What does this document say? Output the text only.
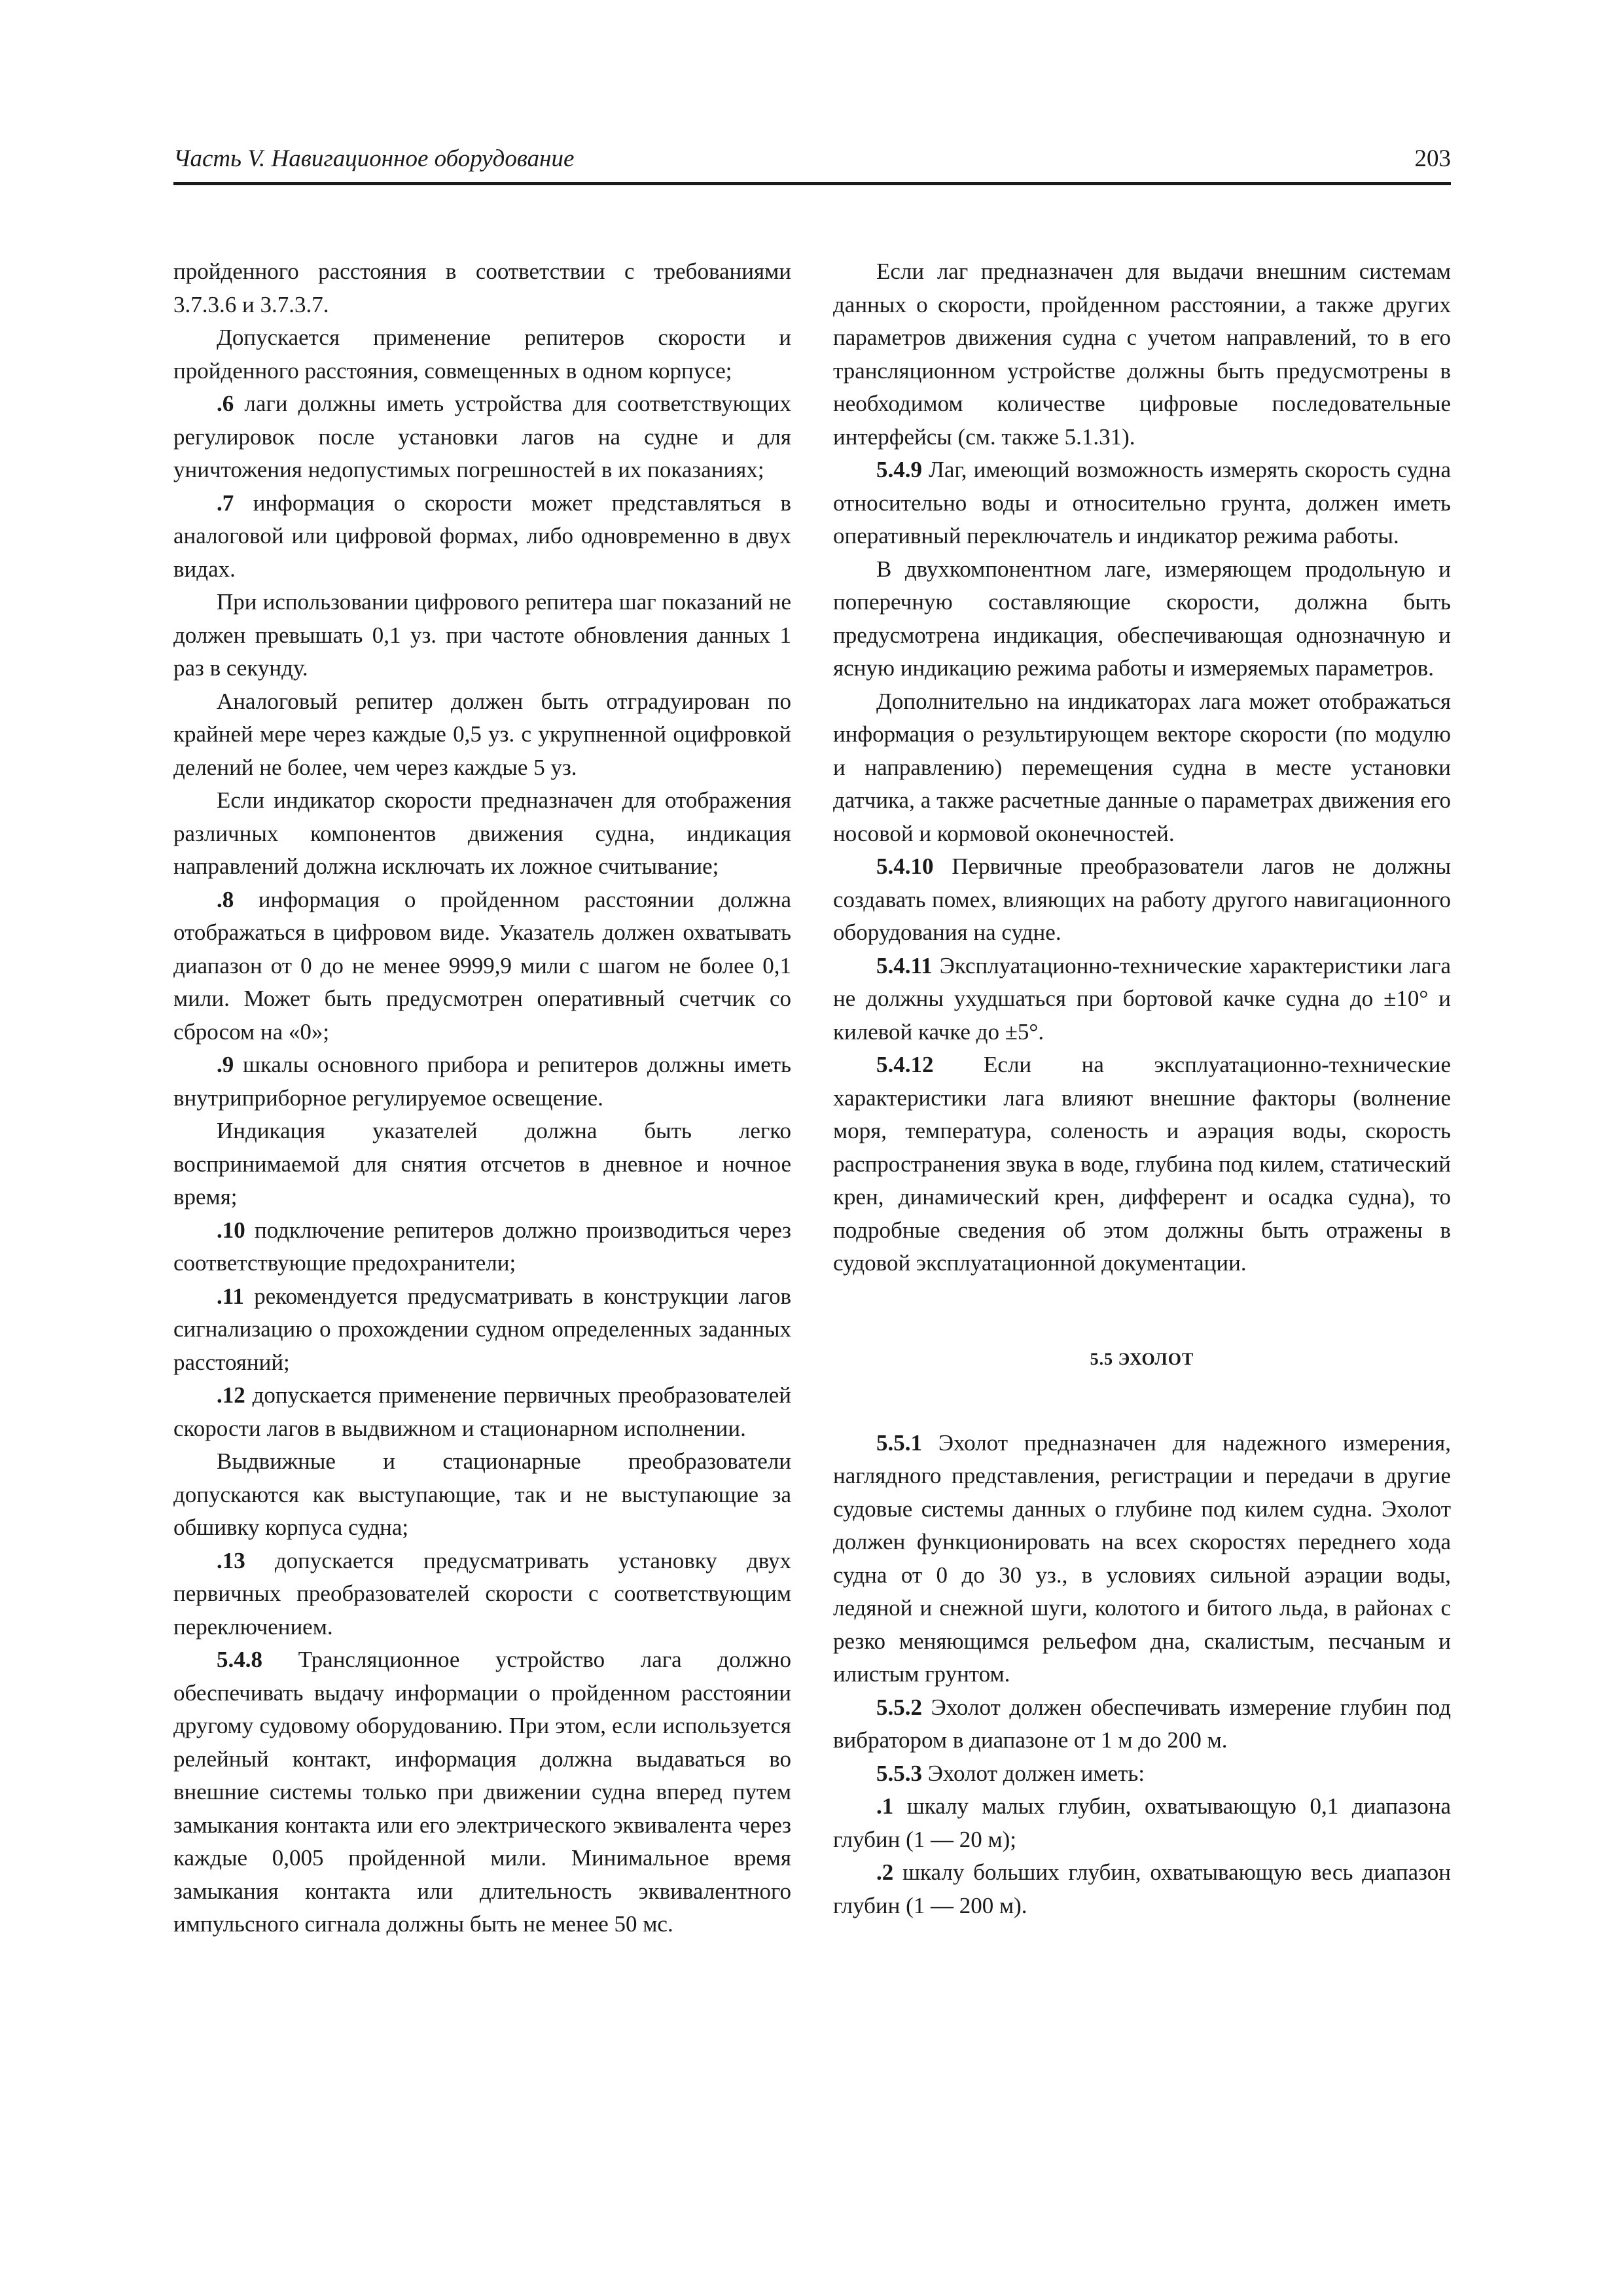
Часть V. Навигационное оборудование	203

пройденного расстояния в соответствии с требованиями 3.7.3.6 и 3.7.3.7.

Допускается применение репитеров скорости и пройденного расстояния, совмещенных в одном корпусе;

.6 лаги должны иметь устройства для соответствующих регулировок после установки лагов на судне и для уничтожения недопустимых погрешностей в их показаниях;

.7 информация о скорости может представляться в аналоговой или цифровой формах, либо одновременно в двух видах.

При использовании цифрового репитера шаг показаний не должен превышать 0,1 уз. при частоте обновления данных 1 раз в секунду.

Аналоговый репитер должен быть отградуирован по крайней мере через каждые 0,5 уз. с укрупненной оцифровкой делений не более, чем через каждые 5 уз.

Если индикатор скорости предназначен для отображения различных компонентов движения судна, индикация направлений должна исключать их ложное считывание;

.8 информация о пройденном расстоянии должна отображаться в цифровом виде. Указатель должен охватывать диапазон от 0 до не менее 9999,9 мили с шагом не более 0,1 мили. Может быть предусмотрен оперативный счетчик со сбросом на «0»;

.9 шкалы основного прибора и репитеров должны иметь внутриприборное регулируемое освещение.

Индикация указателей должна быть легко воспринимаемой для снятия отсчетов в дневное и ночное время;

.10 подключение репитеров должно производиться через соответствующие предохранители;

.11 рекомендуется предусматривать в конструкции лагов сигнализацию о прохождении судном определенных заданных расстояний;

.12 допускается применение первичных преобразователей скорости лагов в выдвижном и стационарном исполнении.

Выдвижные и стационарные преобразователи допускаются как выступающие, так и не выступающие за обшивку корпуса судна;

.13 допускается предусматривать установку двух первичных преобразователей скорости с соответствующим переключением.

5.4.8 Трансляционное устройство лага должно обеспечивать выдачу информации о пройденном расстоянии другому судовому оборудованию. При этом, если используется релейный контакт, информация должна выдаваться во внешние системы только при движении судна вперед путем замыкания контакта или его электрического эквивалента через каждые 0,005 пройденной мили. Минимальное время замыкания контакта или длительность эквивалентного импульсного сигнала должны быть не менее 50 мс.

Если лаг предназначен для выдачи внешним системам данных о скорости, пройденном расстоянии, а также других параметров движения судна с учетом направлений, то в его трансляционном устройстве должны быть предусмотрены в необходимом количестве цифровые последовательные интерфейсы (см. также 5.1.31).

5.4.9 Лаг, имеющий возможность измерять скорость судна относительно воды и относительно грунта, должен иметь оперативный переключатель и индикатор режима работы.

В двухкомпонентном лаге, измеряющем продольную и поперечную составляющие скорости, должна быть предусмотрена индикация, обеспечивающая однозначную и ясную индикацию режима работы и измеряемых параметров.

Дополнительно на индикаторах лага может отображаться информация о результирующем векторе скорости (по модулю и направлению) перемещения судна в месте установки датчика, а также расчетные данные о параметрах движения его носовой и кормовой оконечностей.

5.4.10 Первичные преобразователи лагов не должны создавать помех, влияющих на работу другого навигационного оборудования на судне.

5.4.11 Эксплуатационно-технические характеристики лага не должны ухудшаться при бортовой качке судна до ±10° и килевой качке до ±5°.

5.4.12 Если на эксплуатационно-технические характеристики лага влияют внешние факторы (волнение моря, температура, соленость и аэрация воды, скорость распространения звука в воде, глубина под килем, статический крен, динамический крен, дифферент и осадка судна), то подробные сведения об этом должны быть отражены в судовой эксплуатационной документации.

5.5 ЭХОЛОТ

5.5.1 Эхолот предназначен для надежного измерения, наглядного представления, регистрации и передачи в другие судовые системы данных о глубине под килем судна. Эхолот должен функционировать на всех скоростях переднего хода судна от 0 до 30 уз., в условиях сильной аэрации воды, ледяной и снежной шуги, колотого и битого льда, в районах с резко меняющимся рельефом дна, скалистым, песчаным и илистым грунтом.

5.5.2 Эхолот должен обеспечивать измерение глубин под вибратором в диапазоне от 1 м до 200 м.

5.5.3 Эхолот должен иметь:

.1 шкалу малых глубин, охватывающую 0,1 диапазона глубин (1 — 20 м);

.2 шкалу больших глубин, охватывающую весь диапазон глубин (1 — 200 м).
